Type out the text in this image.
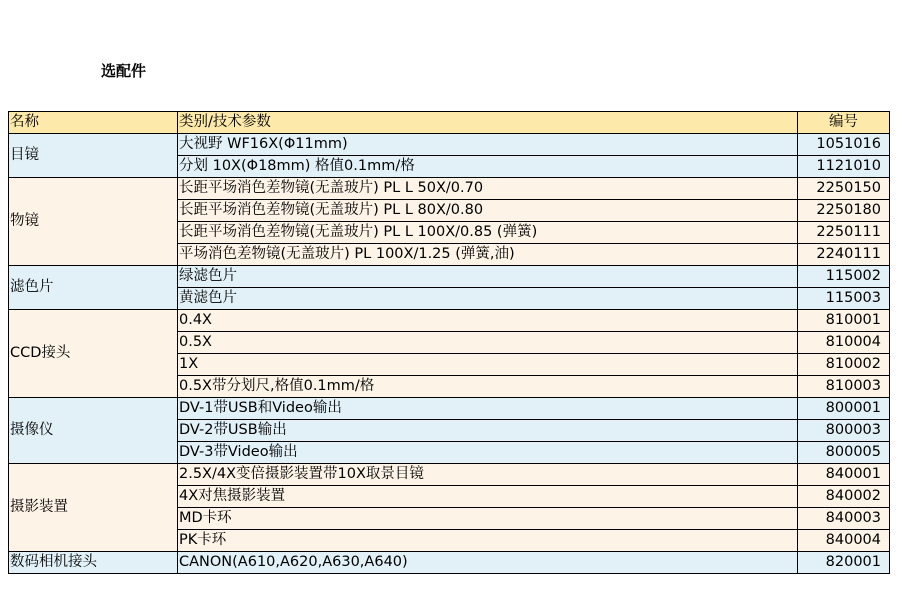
选配件
名称	类别/技术参数	编号
目镜	大视野 WF16X(Φ11mm)	1051016
	分划 10X(Φ18mm) 格值0.1mm/格	1121010
物镜	长距平场消色差物镜(无盖玻片) PL L 50X/0.70	2250150
	长距平场消色差物镜(无盖玻片) PL L 80X/0.80	2250180
	长距平场消色差物镜(无盖玻片) PL L 100X/0.85 (弹簧)	2250111
	平场消色差物镜(无盖玻片) PL 100X/1.25 (弹簧,油)	2240111
滤色片	绿滤色片	115002
	黄滤色片	115003
CCD接头	0.4X	810001
	0.5X	810004
	1X	810002
	0.5X带分划尺,格值0.1mm/格	810003
摄像仪	DV-1带USB和Video输出	800001
	DV-2带USB输出	800003
	DV-3带Video输出	800005
摄影装置	2.5X/4X变倍摄影装置带10X取景目镜	840001
	4X对焦摄影装置	840002
	MD卡环	840003
	PK卡环	840004
数码相机接头	CANON(A610,A620,A630,A640)	820001
